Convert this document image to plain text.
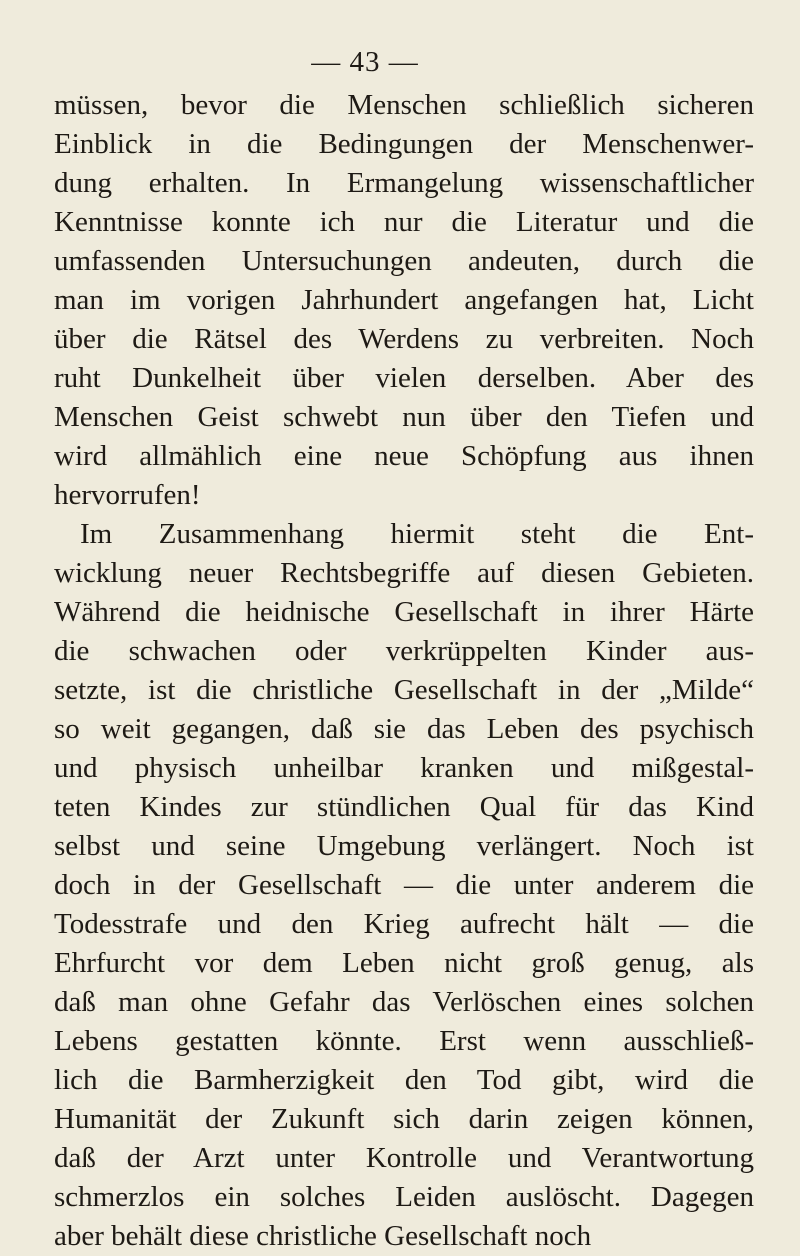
— 43 —
müssen, bevor die Menschen schließlich sicheren
Einblick in die Bedingungen der Menschenwer-
dung erhalten. In Ermangelung wissenschaftlicher
Kenntnisse konnte ich nur die Literatur und die
umfassenden Untersuchungen andeuten, durch die
man im vorigen Jahrhundert angefangen hat, Licht
über die Rätsel des Werdens zu verbreiten. Noch
ruht Dunkelheit über vielen derselben. Aber des
Menschen Geist schwebt nun über den Tiefen und
wird allmählich eine neue Schöpfung aus ihnen
hervorrufen!
Im Zusammenhang hiermit steht die Ent-
wicklung neuer Rechtsbegriffe auf diesen Gebieten.
Während die heidnische Gesellschaft in ihrer Härte
die schwachen oder verkrüppelten Kinder aus-
setzte, ist die christliche Gesellschaft in der „Milde“
so weit gegangen, daß sie das Leben des psychisch
und physisch unheilbar kranken und mißgestal-
teten Kindes zur stündlichen Qual für das Kind
selbst und seine Umgebung verlängert. Noch ist
doch in der Gesellschaft — die unter anderem die
Todesstrafe und den Krieg aufrecht hält — die
Ehrfurcht vor dem Leben nicht groß genug, als
daß man ohne Gefahr das Verlöschen eines solchen
Lebens gestatten könnte. Erst wenn ausschließ-
lich die Barmherzigkeit den Tod gibt, wird die
Humanität der Zukunft sich darin zeigen können,
daß der Arzt unter Kontrolle und Verantwortung
schmerzlos ein solches Leiden auslöscht. Dagegen
aber behält diese christliche Gesellschaft noch
